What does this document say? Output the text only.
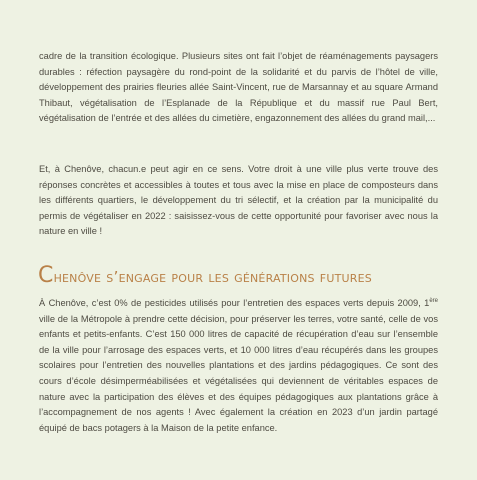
cadre de la transition écologique. Plusieurs sites ont fait l’objet de réaménagements paysagers durables : réfection paysagère du rond-point de la solidarité et du parvis de l’hôtel de ville, développement des prairies fleuries allée Saint-Vincent, rue de Marsannay et au square Armand Thibaut, végétalisation de l’Esplanade de la République et du massif rue Paul Bert, végétalisation de l’entrée et des allées du cimetière, engazonnement des allées du grand mail,...

Et, à Chenôve, chacun.e peut agir en ce sens. Votre droit à une ville plus verte trouve des réponses concrètes et accessibles à toutes et tous avec la mise en place de composteurs dans les différents quartiers, le développement du tri sélectif, et la création par la municipalité du permis de végétaliser en 2022 : saisissez-vous de cette opportunité pour favoriser avec nous la nature en ville !

Chenôve s’engage pour les générations futures

À Chenôve, c’est 0% de pesticides utilisés pour l’entretien des espaces verts depuis 2009, 1ère ville de la Métropole à prendre cette décision, pour préserver les terres, votre santé, celle de vos enfants et petits-enfants. C’est 150 000 litres de capacité de récupération d’eau sur l’ensemble de la ville pour l’arrosage des espaces verts, et 10 000 litres d’eau récupérés dans les groupes scolaires pour l’entretien des nouvelles plantations et des jardins pédagogiques. Ce sont des cours d’école désimperméabilisées et végétalisées qui deviennent de véritables espaces de nature avec la participation des élèves et des équipes pédagogiques aux plantations grâce à l’accompagnement de nos agents ! Avec également la création en 2023 d’un jardin partagé équipé de bacs potagers à la Maison de la petite enfance.
